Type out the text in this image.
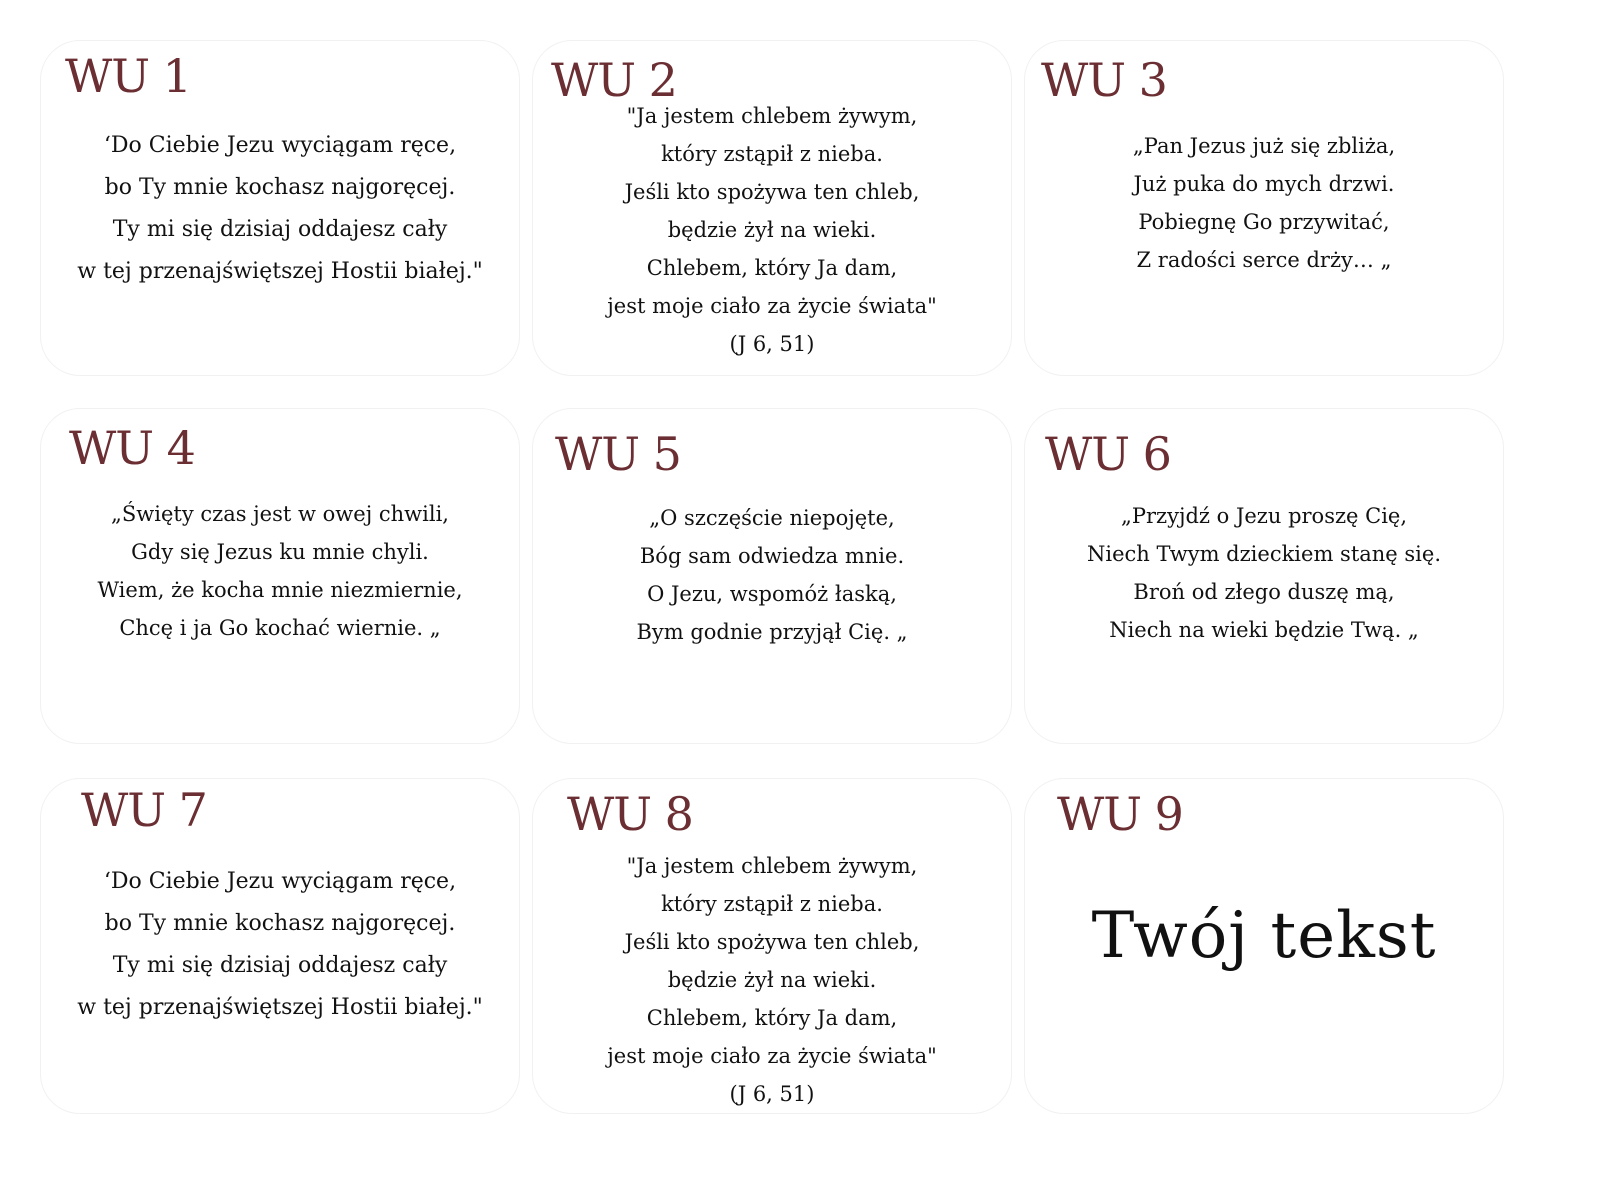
WU 1
‘Do Ciebie Jezu wyciągam ręce,
bo Ty mnie kochasz najgoręcej.
Ty mi się dzisiaj oddajesz cały
w tej przenajświętszej Hostii białej."
WU 2
"Ja jestem chlebem żywym,
który zstąpił z nieba.
Jeśli kto spożywa ten chleb,
będzie żył na wieki.
Chlebem, który Ja dam,
jest moje ciało za życie świata"
(J 6, 51)
WU 3
„Pan Jezus już się zbliża,
Już puka do mych drzwi.
Pobiegnę Go przywitać,
Z radości serce drży… „
WU 4
„Święty czas jest w owej chwili,
Gdy się Jezus ku mnie chyli.
Wiem, że kocha mnie niezmiernie,
Chcę i ja Go kochać wiernie. „
WU 5
„O szczęście niepojęte,
Bóg sam odwiedza mnie.
O Jezu, wspomóż łaską,
Bym godnie przyjął Cię. „
WU 6
„Przyjdź o Jezu proszę Cię,
Niech Twym dzieckiem stanę się.
Broń od złego duszę mą,
Niech na wieki będzie Twą. „
WU 7
‘Do Ciebie Jezu wyciągam ręce,
bo Ty mnie kochasz najgoręcej.
Ty mi się dzisiaj oddajesz cały
w tej przenajświętszej Hostii białej."
WU 8
"Ja jestem chlebem żywym,
który zstąpił z nieba.
Jeśli kto spożywa ten chleb,
będzie żył na wieki.
Chlebem, który Ja dam,
jest moje ciało za życie świata"
(J 6, 51)
WU 9
Twój tekst
